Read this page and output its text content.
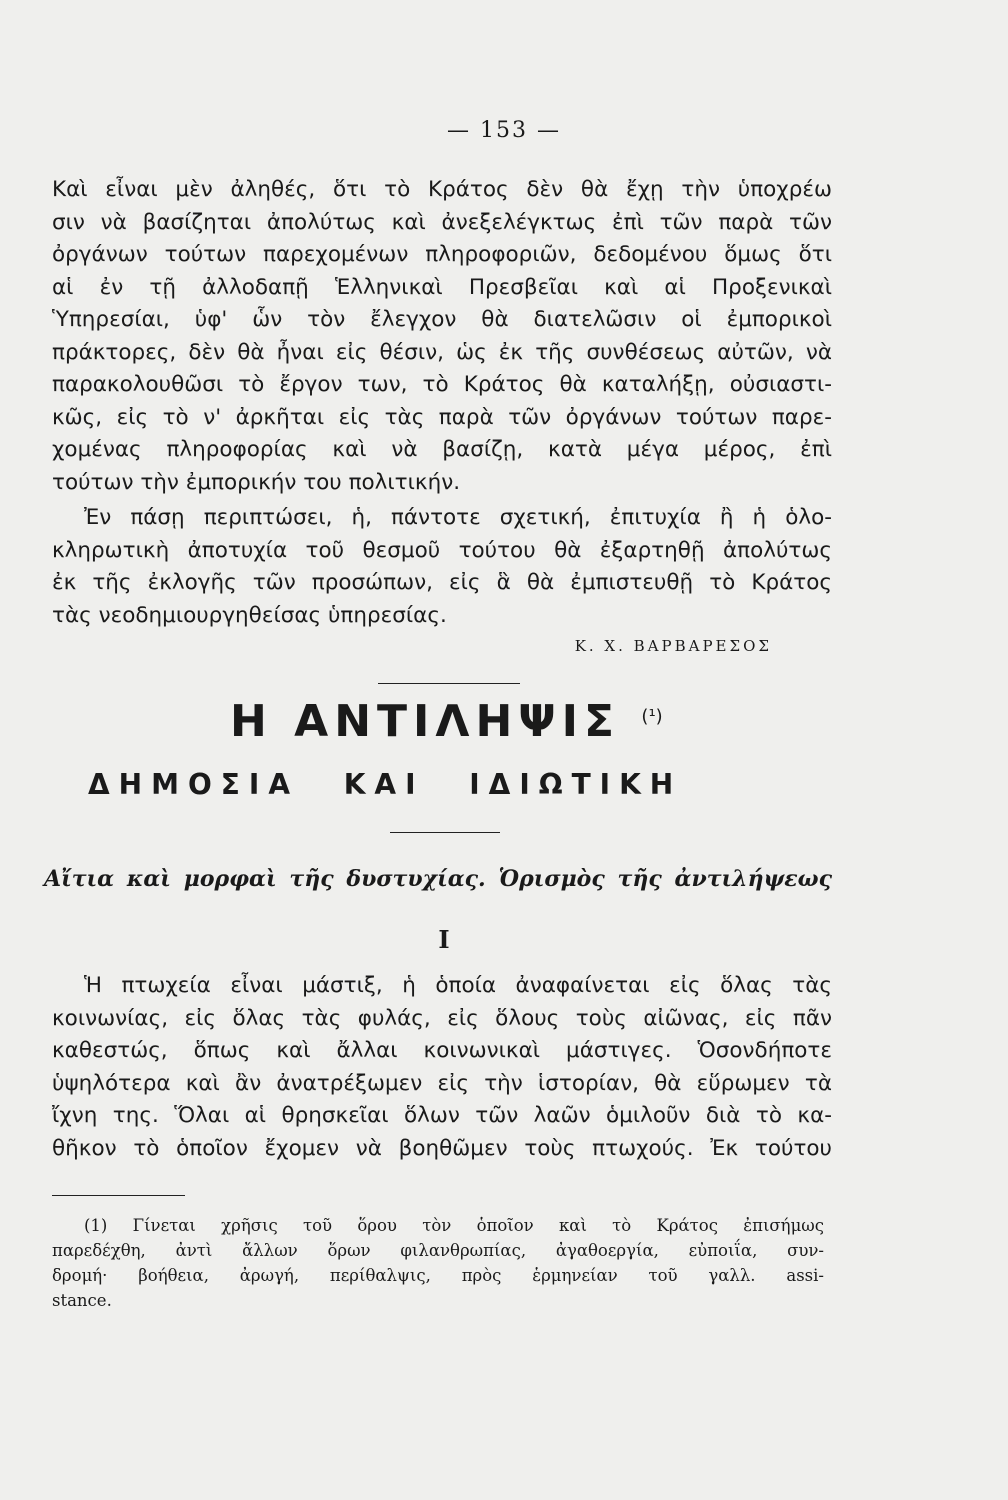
— 153 —
Καὶ εἶναι μὲν ἀληθές, ὅτι τὸ Κράτος δὲν θὰ ἔχῃ τὴν ὑποχρέω
σιν νὰ βασίζηται ἀπολύτως καὶ ἀνεξελέγκτως ἐπὶ τῶν παρὰ τῶν
ὀργάνων τούτων παρεχομένων πληροφοριῶν, δεδομένου ὅμως ὅτι
αἱ ἐν τῇ ἀλλοδαπῇ Ἑλληνικαὶ Πρεσβεῖαι καὶ αἱ Προξενικαὶ
Ὑπηρεσίαι, ὑφ' ὧν τὸν ἔλεγχον θὰ διατελῶσιν οἱ ἐμπορικοὶ
πράκτορες, δὲν θὰ ἦναι εἰς θέσιν, ὡς ἐκ τῆς συνθέσεως αὐτῶν, νὰ
παρακολουθῶσι τὸ ἔργον των, τὸ Κράτος θὰ καταλήξῃ, οὐσιαστι-
κῶς, εἰς τὸ ν' ἀρκῆται εἰς τὰς παρὰ τῶν ὀργάνων τούτων παρε-
χομένας πληροφορίας καὶ νὰ βασίζῃ, κατὰ μέγα μέρος, ἐπὶ
τούτων τὴν ἐμπορικήν του πολιτικήν.
Ἐν πάσῃ περιπτώσει, ἡ, πάντοτε σχετική, ἐπιτυχία ἢ ἡ ὁλο-
κληρωτικὴ ἀποτυχία τοῦ θεσμοῦ τούτου θὰ ἐξαρτηθῇ ἀπολύτως
ἐκ τῆς ἐκλογῆς τῶν προσώπων, εἰς ἃ θὰ ἐμπιστευθῇ τὸ Κράτος
τὰς νεοδημιουργηθείσας ὑπηρεσίας.
Κ. Χ. ΒΑΡΒΑΡΕΣΟΣ
Η ΑΝΤΙΛΗΨΙΣ $^{(^1)}$
ΔΗΜΟΣΙΑ ΚΑΙ ΙΔΙΩΤΙΚΗ
Αἴτια καὶ μορφαὶ τῆς δυστυχίας. Ὁρισμὸς τῆς ἀντιλήψεως
I
Ἡ πτωχεία εἶναι μάστιξ, ἡ ὁποία ἀναφαίνεται εἰς ὅλας τὰς
κοινωνίας, εἰς ὅλας τὰς φυλάς, εἰς ὅλους τοὺς αἰῶνας, εἰς πᾶν
καθεστώς, ὅπως καὶ ἄλλαι κοινωνικαὶ μάστιγες. Ὁσονδήποτε
ὑψηλότερα καὶ ἂν ἀνατρέξωμεν εἰς τὴν ἱστορίαν, θὰ εὕρωμεν τὰ
ἴχνη της. Ὅλαι αἱ θρησκεῖαι ὅλων τῶν λαῶν ὁμιλοῦν διὰ τὸ κα-
θῆκον τὸ ὁποῖον ἔχομεν νὰ βοηθῶμεν τοὺς πτωχούς. Ἐκ τούτου
(1) Γίνεται χρῆσις τοῦ ὅρου τὸν ὁποῖον καὶ τὸ Κράτος ἐπισήμως
παρεδέχθη, ἀντὶ ἄλλων ὅρων φιλανθρωπίας, ἀγαθοεργία, εὐποιΐα, συν-
δρομή· βοήθεια, ἀρωγή, περίθαλψις, πρὸς ἑρμηνείαν τοῦ γαλλ. assi-
stance.
